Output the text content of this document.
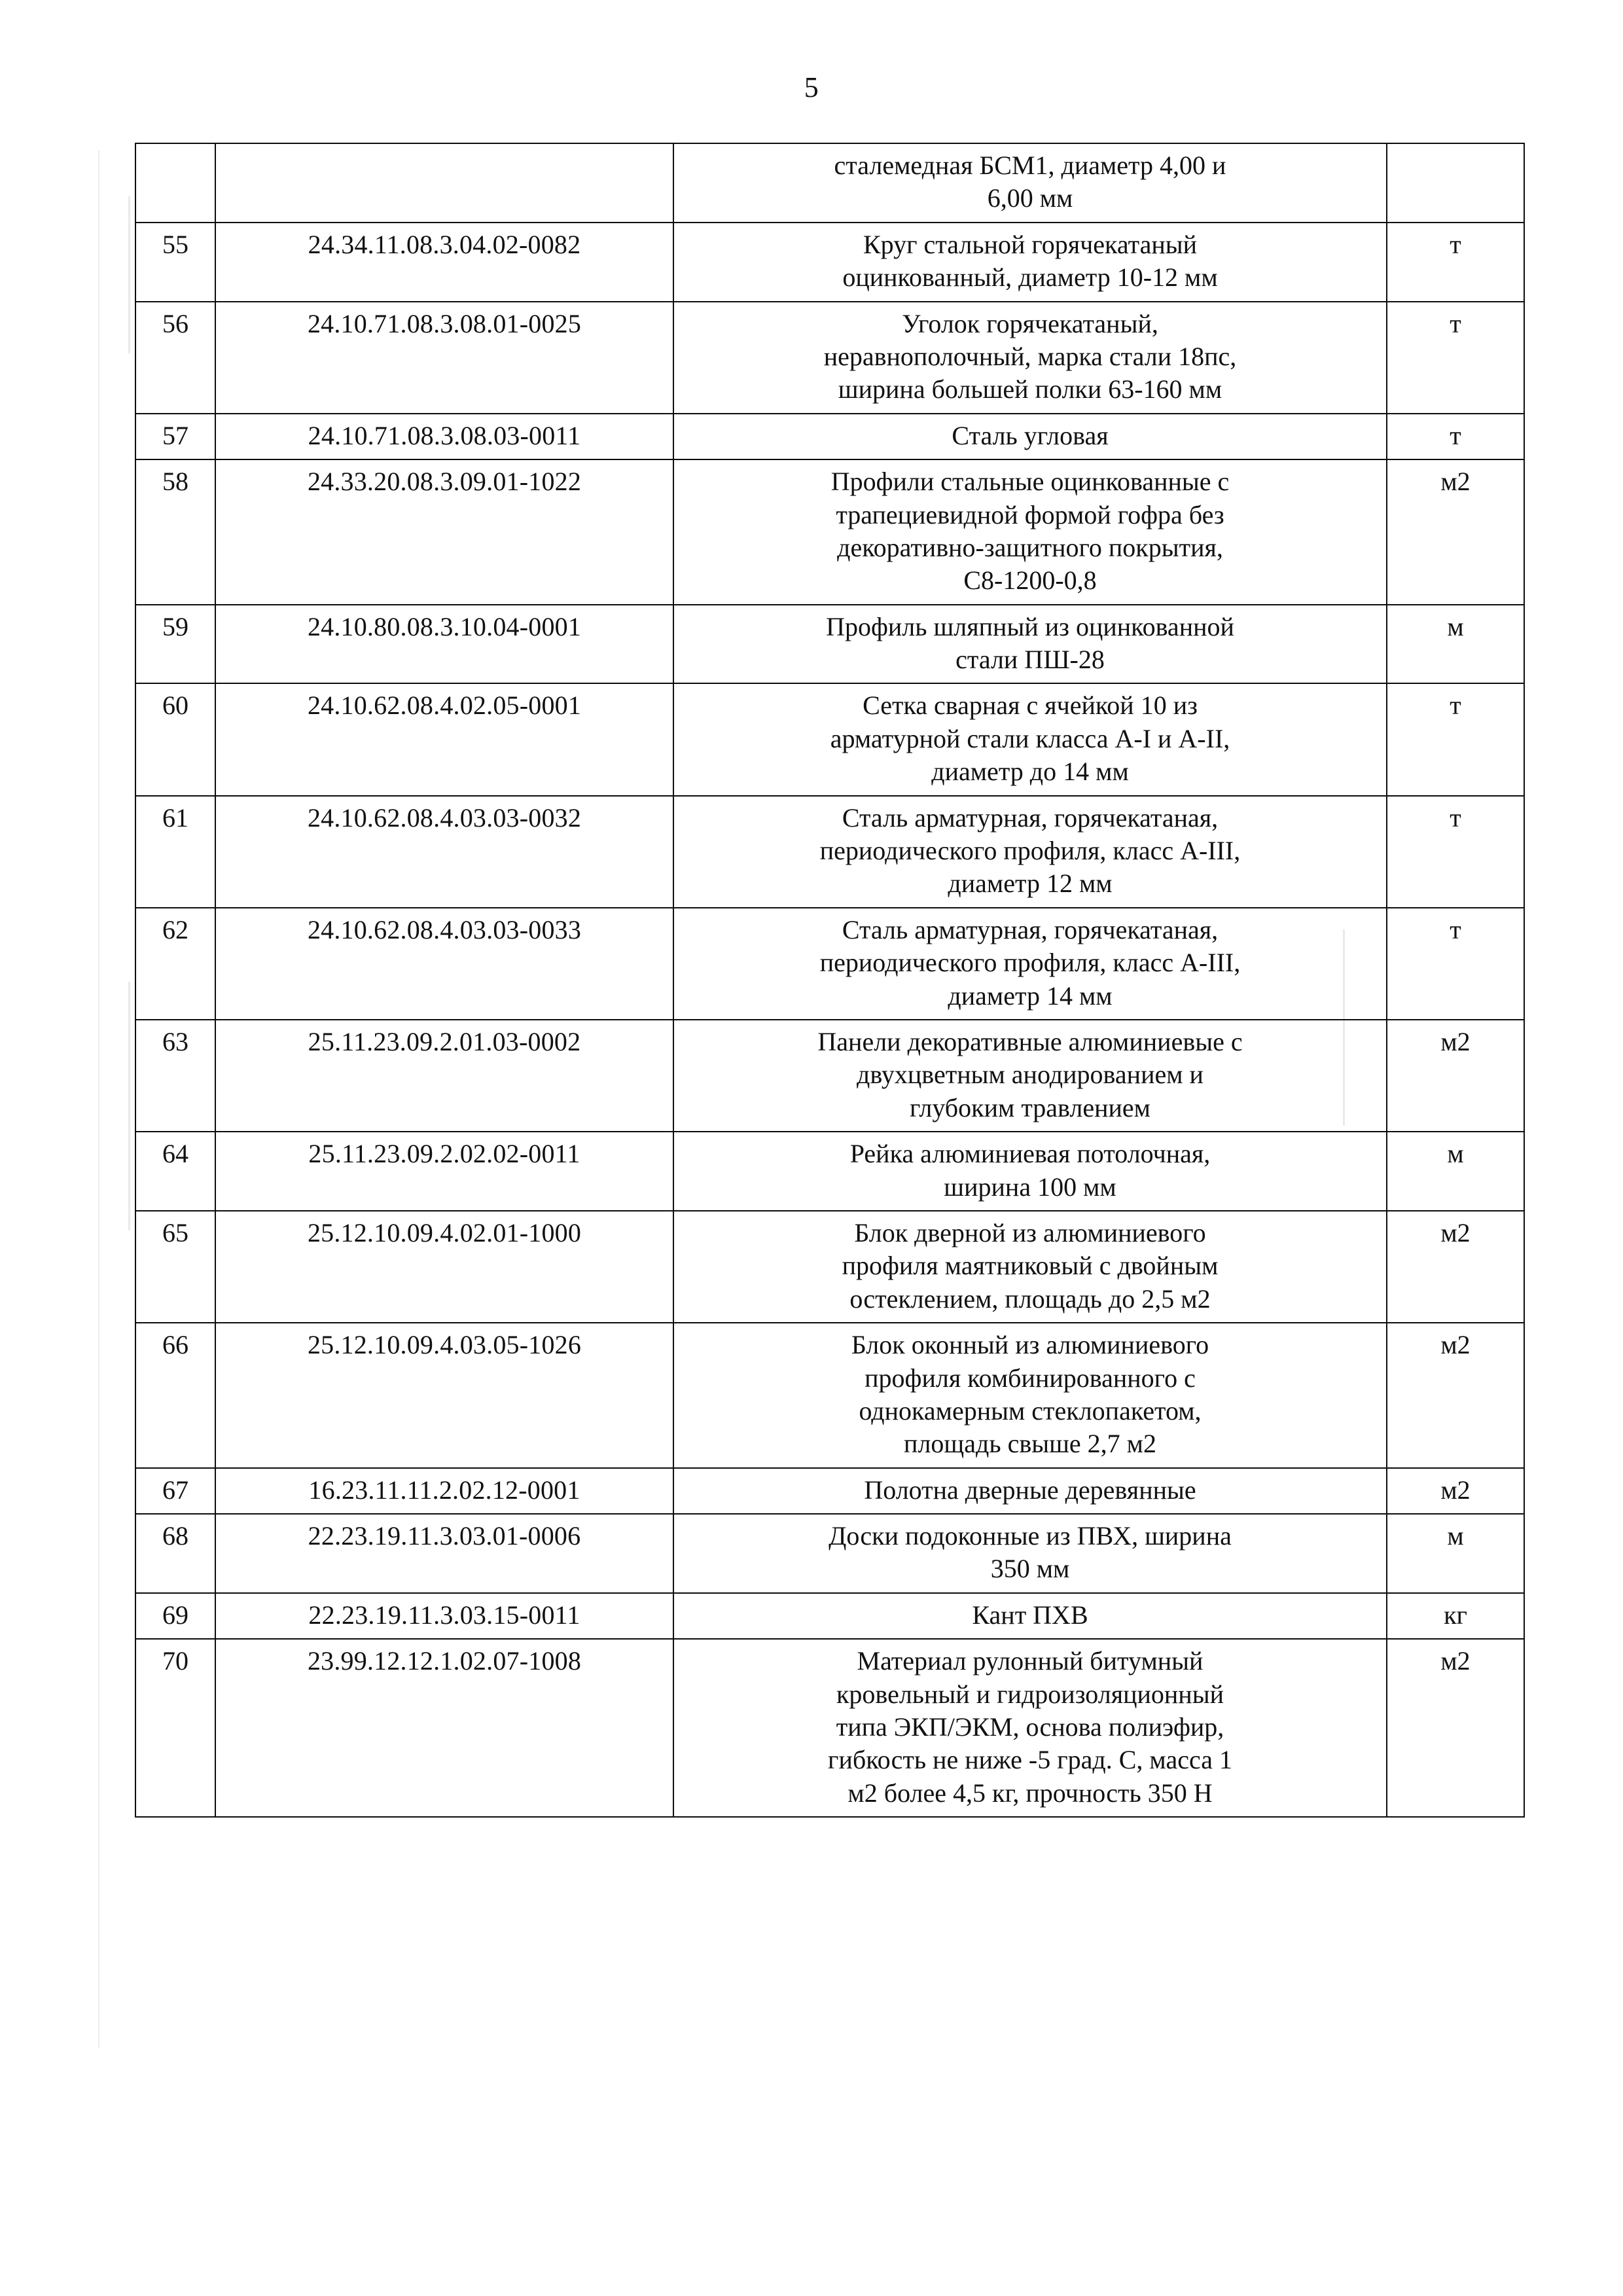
5

		сталемедная БСМ1, диаметр 4,00 и
6,00 мм	

55	24.34.11.08.3.04.02-0082	Круг стальной горячекатаный
оцинкованный, диаметр 10-12 мм	т
56	24.10.71.08.3.08.01-0025	Уголок горячекатаный,
неравнополочный, марка стали 18пс,
ширина большей полки 63-160 мм	т
57	24.10.71.08.3.08.03-0011	Сталь угловая	т
58	24.33.20.08.3.09.01-1022	Профили стальные оцинкованные с
трапециевидной формой гофра без
декоративно-защитного покрытия,
С8-1200-0,8	м2
59	24.10.80.08.3.10.04-0001	Профиль шляпный из оцинкованной
стали ПШ-28	м
60	24.10.62.08.4.02.05-0001	Сетка сварная с ячейкой 10 из
арматурной стали класса А-I и А-II,
диаметр до 14 мм	т
61	24.10.62.08.4.03.03-0032	Сталь арматурная, горячекатаная,
периодического профиля, класс А-III,
диаметр 12 мм	т
62	24.10.62.08.4.03.03-0033	Сталь арматурная, горячекатаная,
периодического профиля, класс А-III,
диаметр 14 мм	т
63	25.11.23.09.2.01.03-0002	Панели декоративные алюминиевые с
двухцветным анодированием и
глубоким травлением	м2
64	25.11.23.09.2.02.02-0011	Рейка алюминиевая потолочная,
ширина 100 мм	м
65	25.12.10.09.4.02.01-1000	Блок дверной из алюминиевого
профиля маятниковый с двойным
остеклением, площадь до 2,5 м2	м2
66	25.12.10.09.4.03.05-1026	Блок оконный из алюминиевого
профиля комбинированного с
однокамерным стеклопакетом,
площадь свыше 2,7 м2	м2
67	16.23.11.11.2.02.12-0001	Полотна дверные деревянные	м2
68	22.23.19.11.3.03.01-0006	Доски подоконные из ПВХ, ширина
350 мм	м
69	22.23.19.11.3.03.15-0011	Кант ПХВ	кг
70	23.99.12.12.1.02.07-1008	Материал рулонный битумный
кровельный и гидроизоляционный
типа ЭКП/ЭКМ, основа полиэфир,
гибкость не ниже -5 град. С, масса 1
м2 более 4,5 кг, прочность 350 Н	м2
